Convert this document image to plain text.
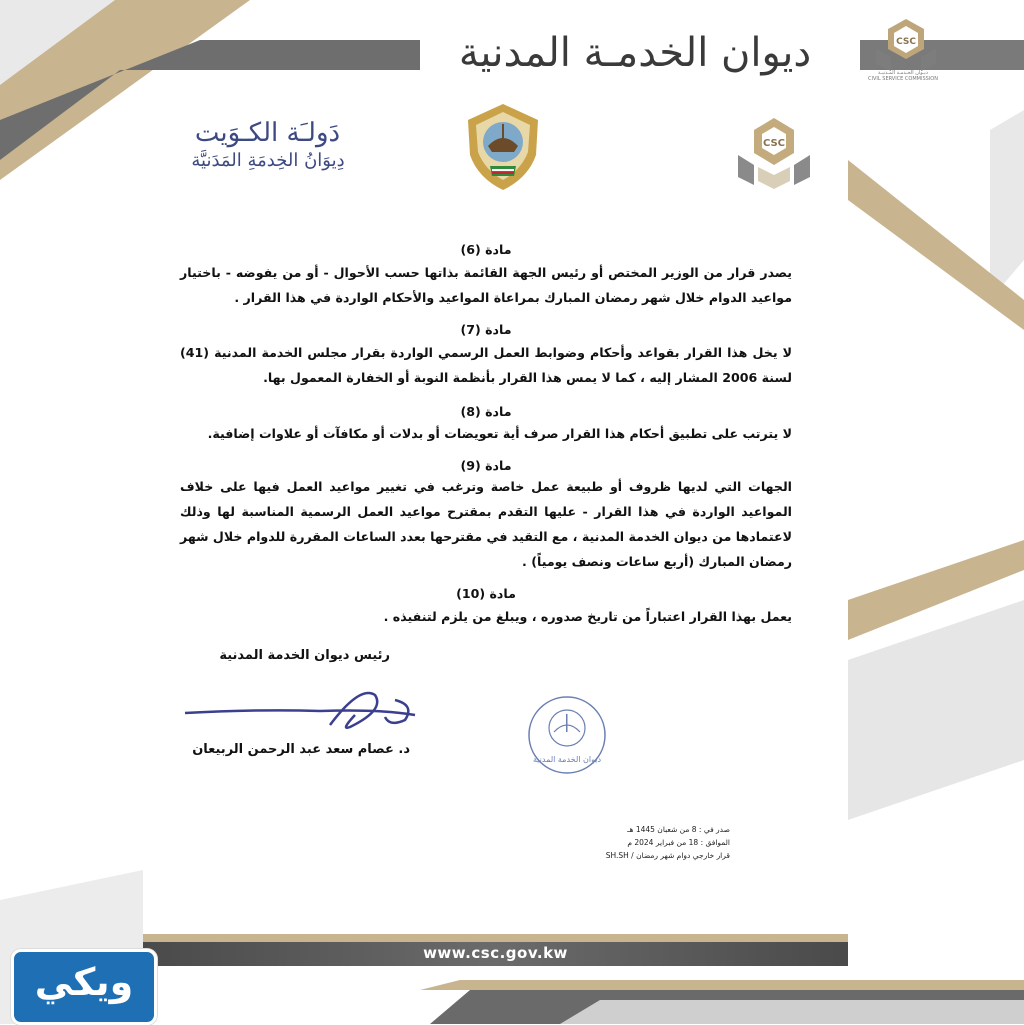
ديوان الخدمـة المدنية	CSC
ديـوان الخـدمـة المـدنيـة
CIVIL SERVICE COMMISSION
دَولـَة الكـوَيت
دِيوَانُ الخِدمَةِ المَدَنيَّة
CSC
مادة (6)
يصدر قرار من الوزير المختص أو رئيس الجهة القائمة بذاتها حسب الأحوال - أو من يفوضه - باختيار مواعيد الدوام خلال شهر رمضان المبارك بمراعاة المواعيد والأحكام الواردة في هذا القرار .
مادة (7)
لا يخل هذا القرار بقواعد وأحكام وضوابط العمل الرسمي الواردة بقرار مجلس الخدمة المدنية (41) لسنة 2006 المشار إليه ، كما لا يمس هذا القرار بأنظمة النوبة أو الخفارة المعمول بها.
مادة (8)
لا يترتب على تطبيق أحكام هذا القرار صرف أية تعويضات أو بدلات أو مكافآت أو علاوات إضافية.
مادة (9)
الجهات التي لديها ظروف أو طبيعة عمل خاصة وترغب في تغيير مواعيد العمل فيها على خلاف المواعيد الواردة في هذا القرار - عليها التقدم بمقترح مواعيد العمل الرسمية المناسبة لها وذلك لاعتمادها من ديوان الخدمة المدنية ، مع التقيد في مقترحها بعدد الساعات المقررة للدوام خلال شهر رمضان المبارك (أربع ساعات ونصف يومياً) .
مادة (10)
يعمل بهذا القرار اعتباراً من تاريخ صدوره ، ويبلغ من يلزم لتنفيذه .
رئيس ديوان الخدمة المدنية
د. عصام سعد عبد الرحمن الربيعان
ديوان الخدمة المدنية
صدر في : 8 من شعبان 1445 هـ
الموافق : 18 من فبراير 2024 م
قرار خارجي دوام شهر رمضان / SH.SH
www.csc.gov.kw
ويكي
